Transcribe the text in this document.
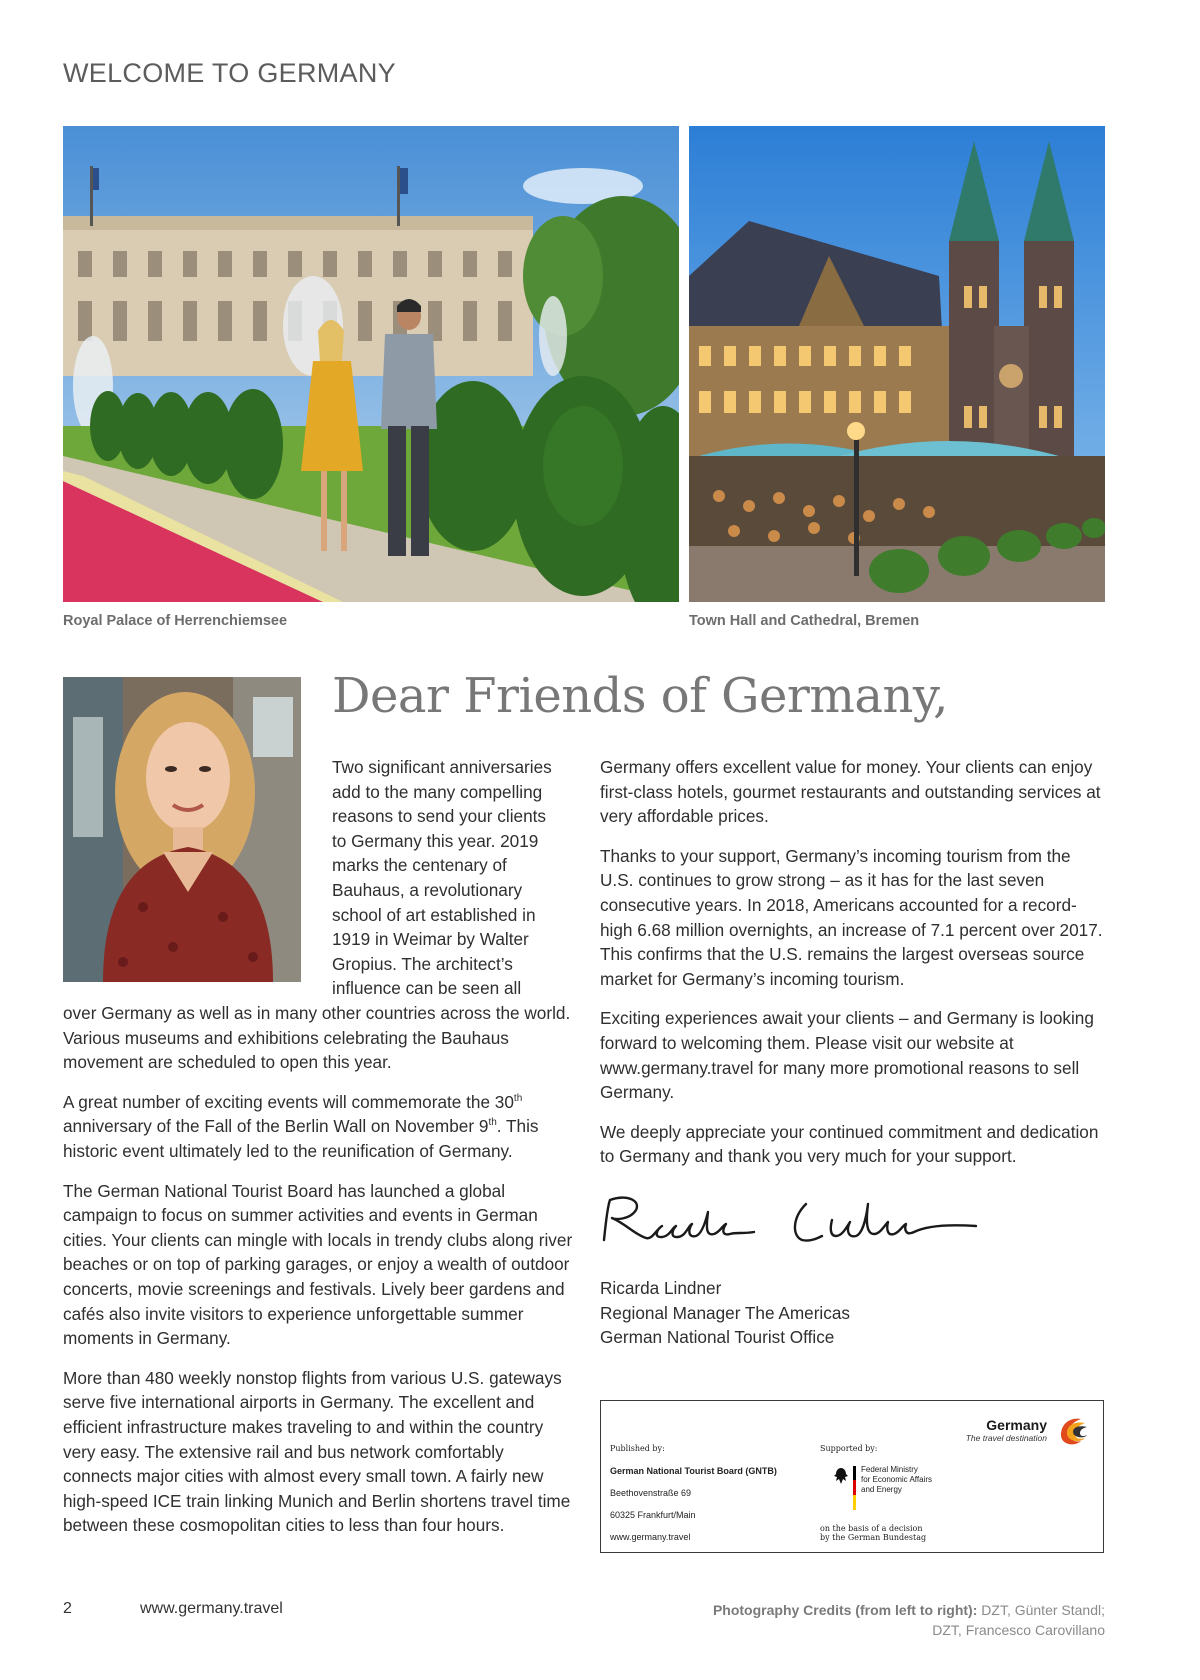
WELCOME TO GERMANY
Royal Palace of Herrenchiemsee	Town Hall and Cathedral, Bremen
Dear Friends of Germany,
Two significant anniversaries
add to the many compelling
reasons to send your clients
to Germany this year. 2019
marks the centenary of
Bauhaus, a revolutionary
school of art established in
1919 in Weimar by Walter
Gropius. The architect’s
influence can be seen all

over Germany as well as in many other countries across the world. Various museums and exhibitions celebrating the Bauhaus movement are scheduled to open this year.

A great number of exciting events will commemorate the 30th anniversary of the Fall of the Berlin Wall on November 9th. This historic event ultimately led to the reunification of Germany.

The German National Tourist Board has launched a global campaign to focus on summer activities and events in German cities. Your clients can mingle with locals in trendy clubs along river beaches or on top of parking garages, or enjoy a wealth of outdoor concerts, movie screenings and festivals. Lively beer gardens and cafés also invite visitors to experience unforgettable summer moments in Germany.

More than 480 weekly nonstop flights from various U.S. gateways serve five international airports in Germany. The excellent and efficient infrastructure makes traveling to and within the country very easy. The extensive rail and bus network comfortably connects major cities with almost every small town. A fairly new high-speed ICE train linking Munich and Berlin shortens travel time between these cosmopolitan cities to less than four hours.

Germany offers excellent value for money. Your clients can enjoy first-class hotels, gourmet restaurants and outstanding services at very affordable prices.

Thanks to your support, Germany’s incoming tourism from the U.S. continues to grow strong – as it has for the last seven consecutive years. In 2018, Americans accounted for a record-high 6.68 million overnights, an increase of 7.1 percent over 2017. This confirms that the U.S. remains the largest overseas source market for Germany’s incoming tourism.

Exciting experiences await your clients – and Germany is looking forward to welcoming them. Please visit our website at www.germany.travel for many more promotional reasons to sell Germany.

We deeply appreciate your continued commitment and dedication to Germany and thank you very much for your support.

Ricarda Lindner
Regional Manager The Americas
German National Tourist Office
Published by:
German National Tourist Board (GNTB)
Beethovenstraße 69
60325 Frankfurt/Main
www.germany.travel
Supported by:
Federal Ministry
for Economic Affairs
and Energy
on the basis of a decision
by the German Bundestag
Germany
The travel destination
2	www.germany.travel	Photography Credits (from left to right): DZT, Günter Standl;
DZT, Francesco Carovillano
